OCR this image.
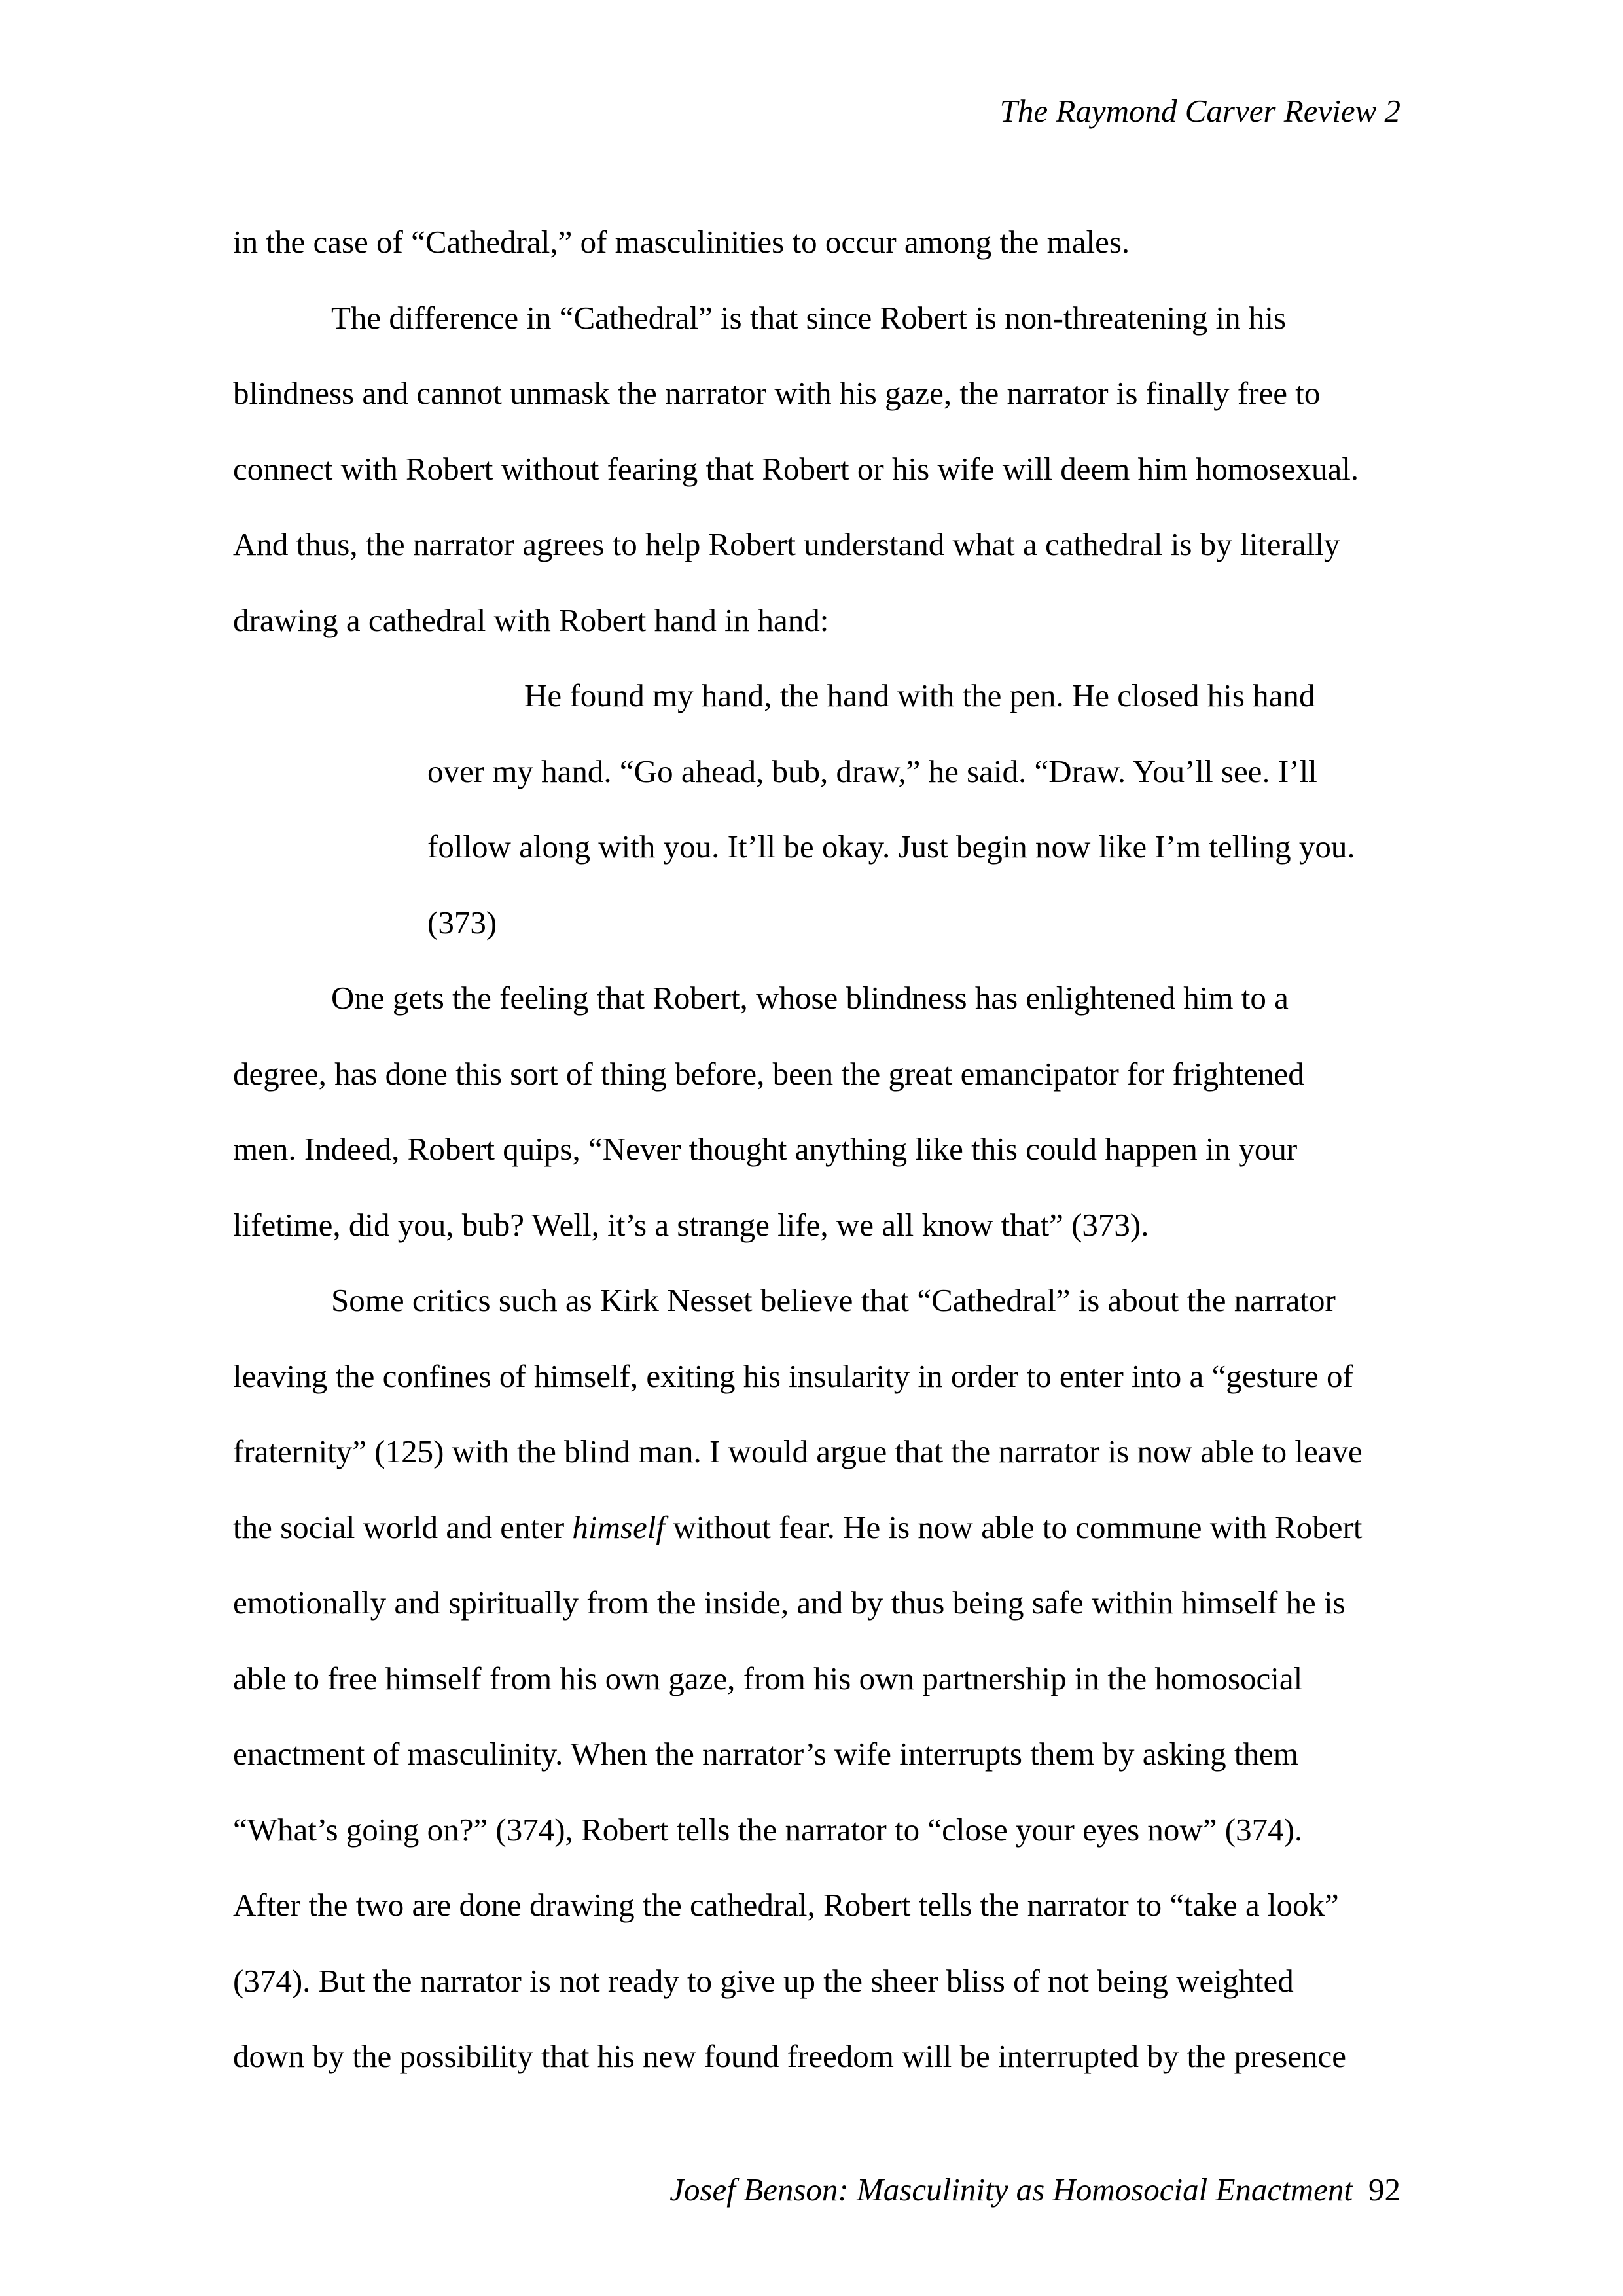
The Raymond Carver Review 2

in the case of “Cathedral,” of masculinities to occur among the males.

The difference in “Cathedral” is that since Robert is non-threatening in his
blindness and cannot unmask the narrator with his gaze, the narrator is finally free to
connect with Robert without fearing that Robert or his wife will deem him homosexual.
And thus, the narrator agrees to help Robert understand what a cathedral is by literally
drawing a cathedral with Robert hand in hand:

He found my hand, the hand with the pen. He closed his hand
over my hand. “Go ahead, bub, draw,” he said. “Draw. You’ll see. I’ll
follow along with you. It’ll be okay. Just begin now like I’m telling you.
(373)

One gets the feeling that Robert, whose blindness has enlightened him to a
degree, has done this sort of thing before, been the great emancipator for frightened
men. Indeed, Robert quips, “Never thought anything like this could happen in your
lifetime, did you, bub? Well, it’s a strange life, we all know that” (373).

Some critics such as Kirk Nesset believe that “Cathedral” is about the narrator
leaving the confines of himself, exiting his insularity in order to enter into a “gesture of
fraternity” (125) with the blind man. I would argue that the narrator is now able to leave
the social world and enter himself without fear. He is now able to commune with Robert
emotionally and spiritually from the inside, and by thus being safe within himself he is
able to free himself from his own gaze, from his own partnership in the homosocial
enactment of masculinity. When the narrator’s wife interrupts them by asking them
“What’s going on?” (374), Robert tells the narrator to “close your eyes now” (374).
After the two are done drawing the cathedral, Robert tells the narrator to “take a look”
(374). But the narrator is not ready to give up the sheer bliss of not being weighted
down by the possibility that his new found freedom will be interrupted by the presence

Josef Benson: Masculinity as Homosocial Enactment 92
